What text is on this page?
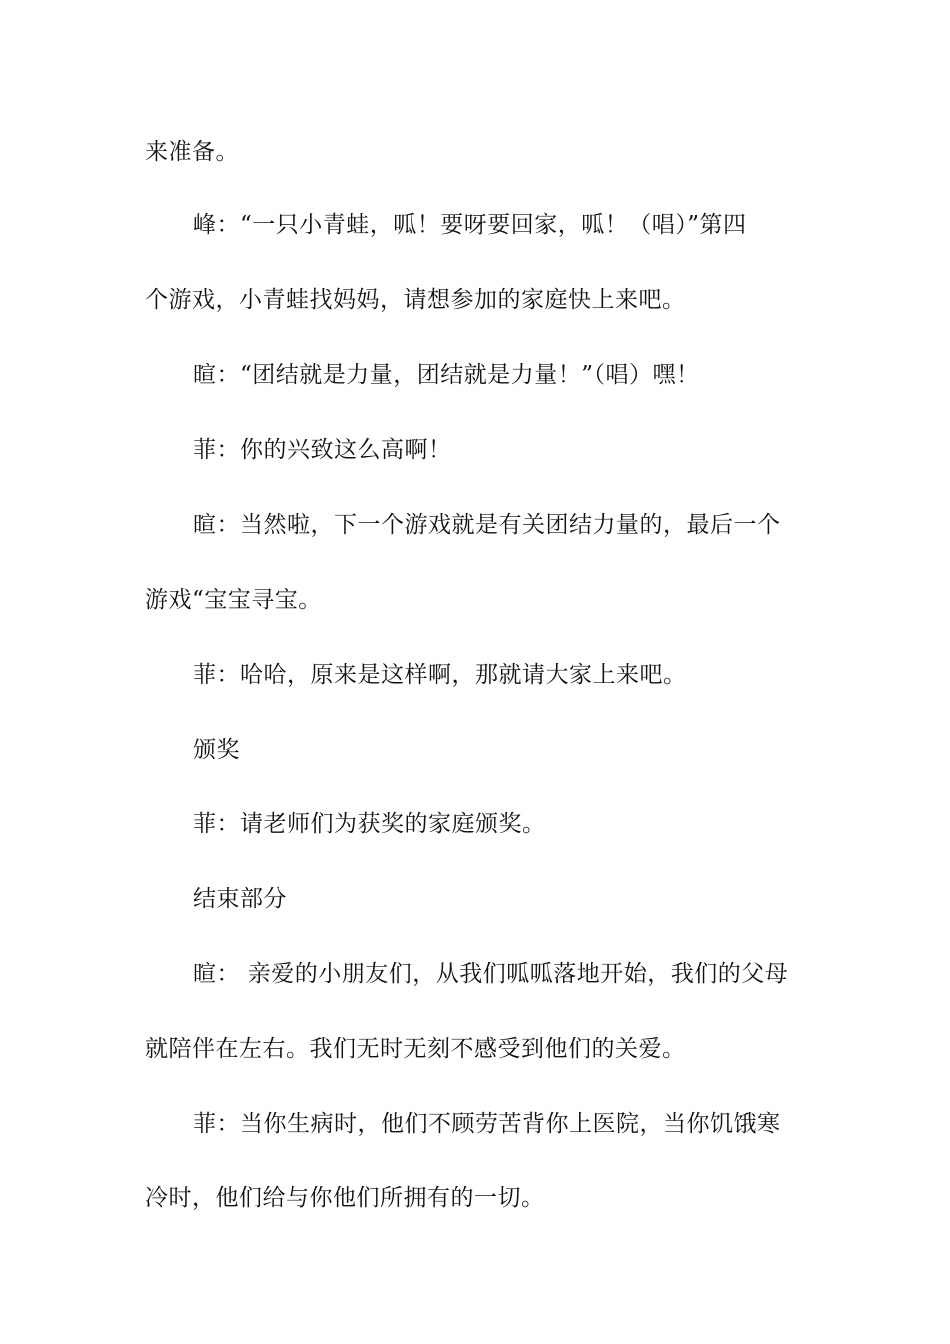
来准备。
峰：“一只小青蛙，呱！要呀要回家，呱！（唱）”第四
个游戏，小青蛙找妈妈，请想参加的家庭快上来吧。
暄：“团结就是力量，团结就是力量！”（唱）嘿！
菲：你的兴致这么高啊！
暄：当然啦，下一个游戏就是有关团结力量的，最后一个
游戏“宝宝寻宝。
菲：哈哈，原来是这样啊，那就请大家上来吧。
颁奖
菲：请老师们为获奖的家庭颁奖。
结束部分
暄： 亲爱的小朋友们，从我们呱呱落地开始，我们的父母
就陪伴在左右。我们无时无刻不感受到他们的关爱。
菲：当你生病时，他们不顾劳苦背你上医院，当你饥饿寒
冷时，他们给与你他们所拥有的一切。
